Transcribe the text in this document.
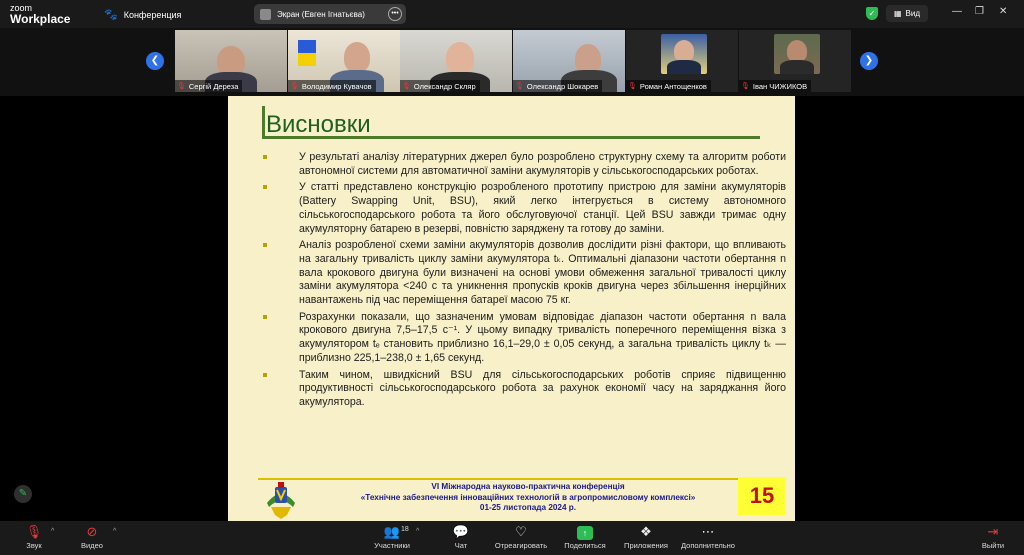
zoom
Workplace	🐾 Конференция	Экран (Евген Ігнатьєва)	•••	✓	▦ Вид	— ❐ ✕
❮
🎙 Сергій Дереза	🎙 Володимир Кувачов	🎙 Олександр Скляр	🎙 Олександр Шокарев	🎙 Роман Антощенков	🎙 Іван ЧИЖИКОВ
❯
Висновки
У результаті аналізу літературних джерел було розроблено структурну схему та алгоритм роботи автономної системи для автоматичної заміни акумуляторів у сільськогосподарських роботах.
У статті представлено конструкцію розробленого прототипу пристрою для заміни акумуляторів (Battery Swapping Unit, BSU), який легко інтегрується в систему автономного сільськогосподарського робота та його обслуговуючої станції. Цей BSU завжди тримає одну акумуляторну батарею в резерві, повністю заряджену та готову до заміни.
Аналіз розробленої схеми заміни акумуляторів дозволив дослідити різні фактори, що впливають на загальну тривалість циклу заміни акумулятора tₖ. Оптимальні діапазони частоти обертання n вала крокового двигуна були визначені на основі умови обмеження загальної тривалості циклу заміни акумулятора <240 с та уникнення пропусків кроків двигуна через збільшення інерційних навантажень під час переміщення батареї масою 75 кг.
Розрахунки показали, що зазначеним умовам відповідає діапазон частоти обертання n вала крокового двигуна 7,5–17,5 с⁻¹. У цьому випадку тривалість поперечного переміщення візка з акумулятором tₑ становить приблизно 16,1–29,0 ± 0,05 секунд, а загальна тривалість циклу tₖ — приблизно 225,1–238,0 ± 1,65 секунд.
Таким чином, швидкісний BSU для сільськогосподарських роботів сприяє підвищенню продуктивності сільськогосподарського робота за рахунок економії часу на заряджання його акумулятора.
VI Міжнародна науково-практична конференція
«Технічне забезпечення інноваційних технологій в агропромисловому комплексі»
01-25 листопада 2024 р.	15
✎
🎙
Звук
^	⊘
Видео
^	👥
Участники
18 ^	💬
Чат
♡
Отреагировать
↑
Поделиться
❖
Приложения
⋯
Дополнительно
⇥
Выйти
